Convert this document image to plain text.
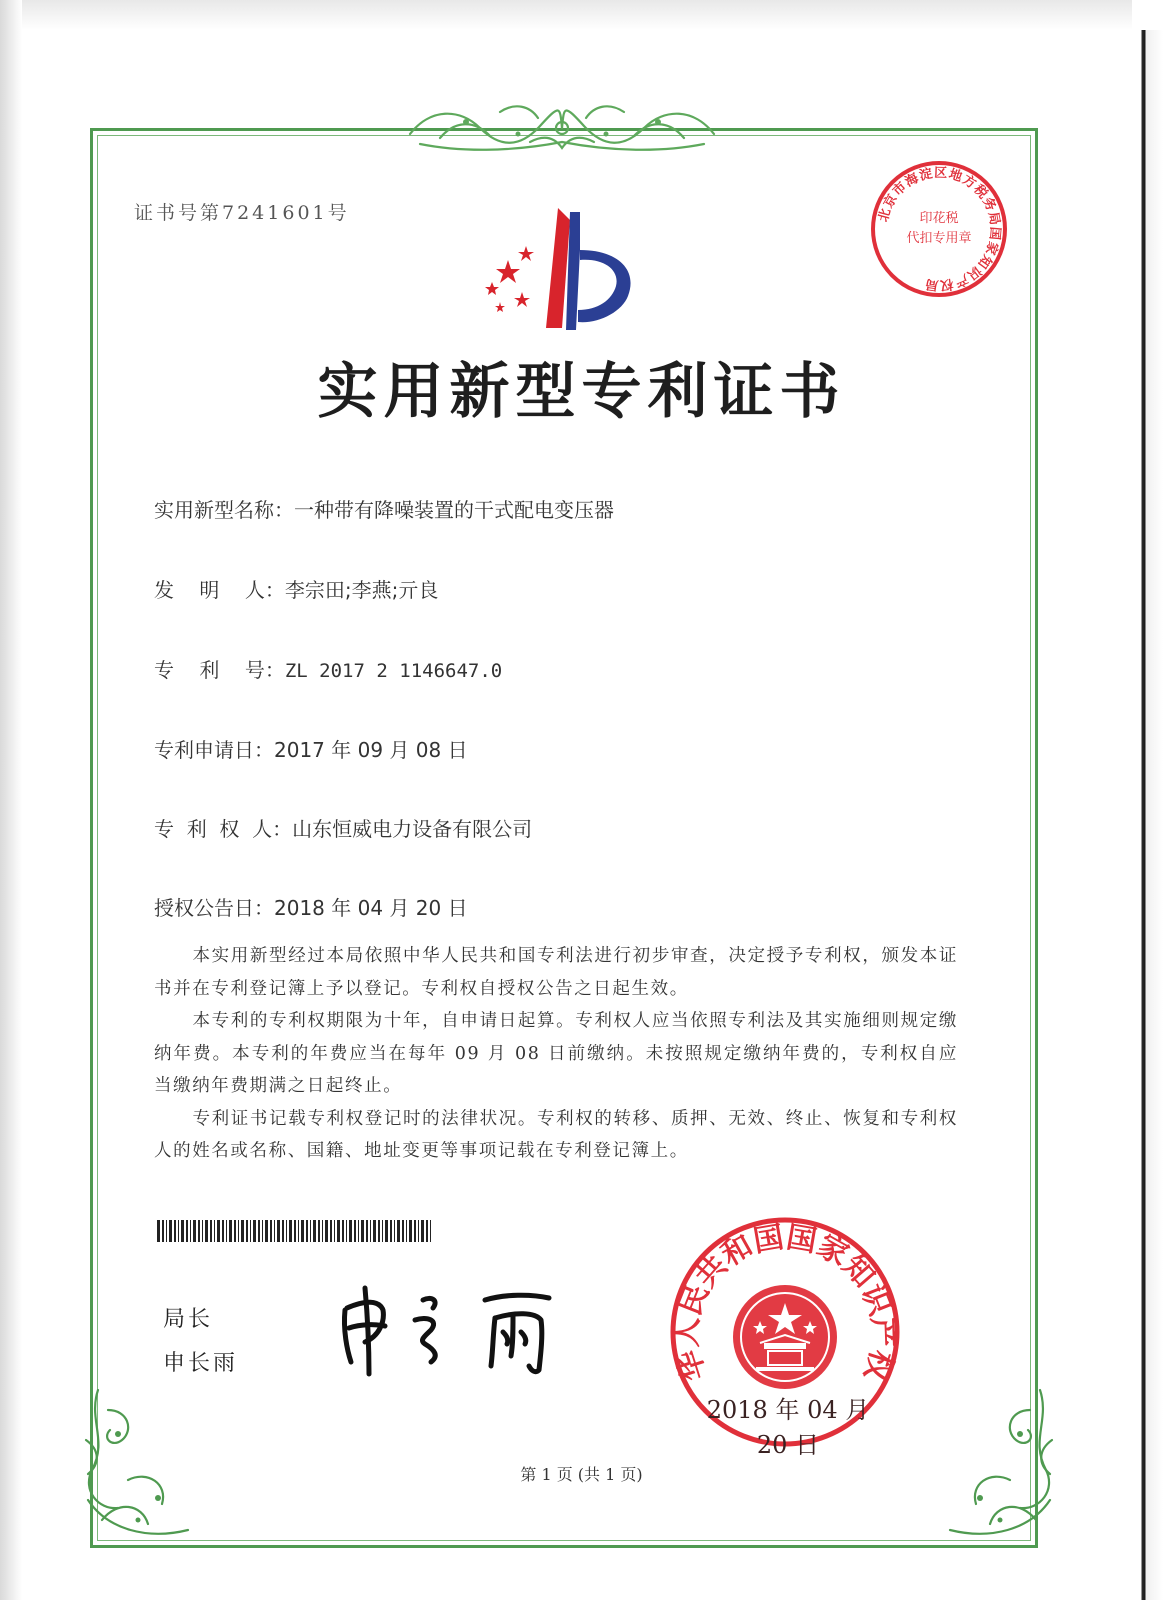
证书号第7241601号	北京市海淀区地方税务局国家知识产权局
印花税
代扣专用章
实用新型专利证书
实用新型名称：一种带有降噪装置的干式配电变压器
发    明    人：李宗田;李燕;亓良
专    利    号：ZL 2017 2 1146647.0
专利申请日：2017 年 09 月 08 日
专  利  权  人：山东恒威电力设备有限公司
授权公告日：2018 年 04 月 20 日

本实用新型经过本局依照中华人民共和国专利法进行初步审查，决定授予专利权，颁发本证书并在专利登记簿上予以登记。专利权自授权公告之日起生效。

本专利的专利权期限为十年，自申请日起算。专利权人应当依照专利法及其实施细则规定缴纳年费。本专利的年费应当在每年 09 月 08 日前缴纳。未按照规定缴纳年费的，专利权自应当缴纳年费期满之日起终止。

专利证书记载专利权登记时的法律状况。专利权的转移、质押、无效、终止、恢复和专利权人的姓名或名称、国籍、地址变更等事项记载在专利登记簿上。

局长
申长雨	华人民共和国国家知识产权
2018 年 04 月 20 日
第 1 页 (共 1 页)
